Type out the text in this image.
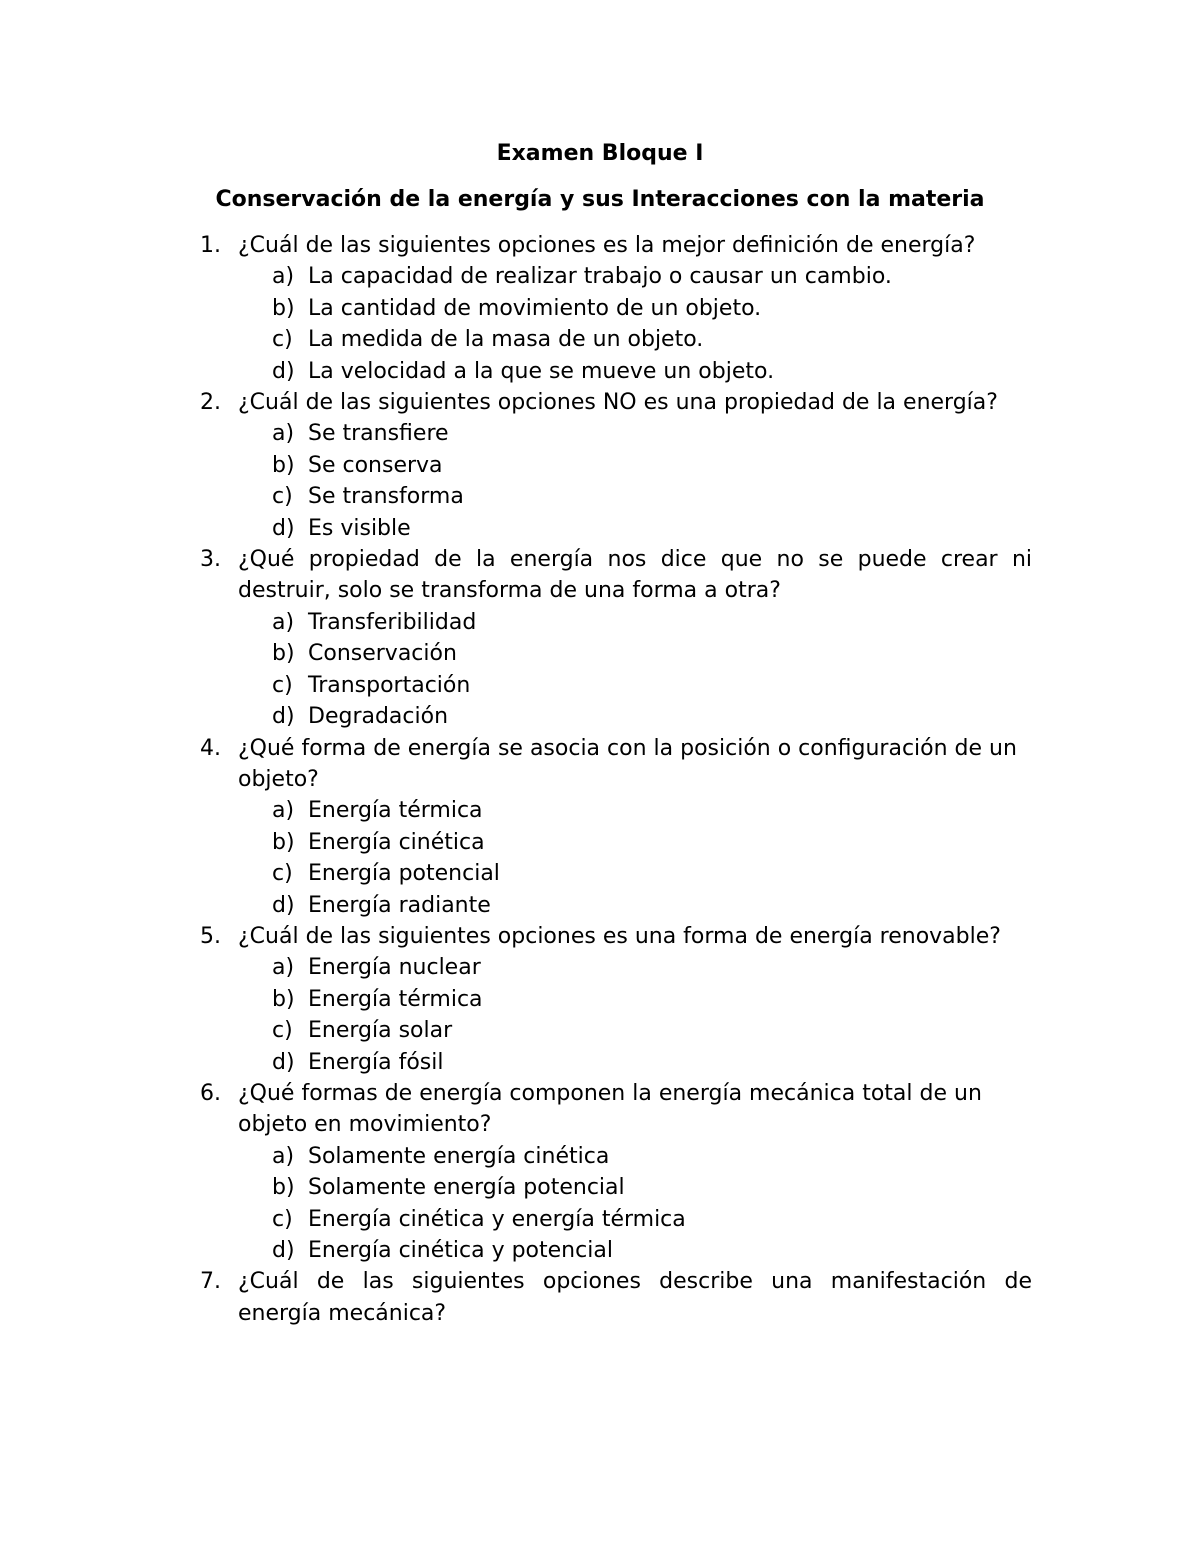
Examen Bloque I
Conservación de la energía y sus Interacciones con la materia
1. ¿Cuál de las siguientes opciones es la mejor definición de energía?
a) La capacidad de realizar trabajo o causar un cambio.
b) La cantidad de movimiento de un objeto.
c) La medida de la masa de un objeto.
d) La velocidad a la que se mueve un objeto.
2. ¿Cuál de las siguientes opciones NO es una propiedad de la energía?
a) Se transfiere
b) Se conserva
c) Se transforma
d) Es visible
3. ¿Qué propiedad de la energía nos dice que no se puede crear ni destruir, solo se transforma de una forma a otra?
a) Transferibilidad
b) Conservación
c) Transportación
d) Degradación
4. ¿Qué forma de energía se asocia con la posición o configuración de un objeto?
a) Energía térmica
b) Energía cinética
c) Energía potencial
d) Energía radiante
5. ¿Cuál de las siguientes opciones es una forma de energía renovable?
a) Energía nuclear
b) Energía térmica
c) Energía solar
d) Energía fósil
6. ¿Qué formas de energía componen la energía mecánica total de un objeto en movimiento?
a) Solamente energía cinética
b) Solamente energía potencial
c) Energía cinética y energía térmica
d) Energía cinética y potencial
7. ¿Cuál de las siguientes opciones describe una manifestación de energía mecánica?
